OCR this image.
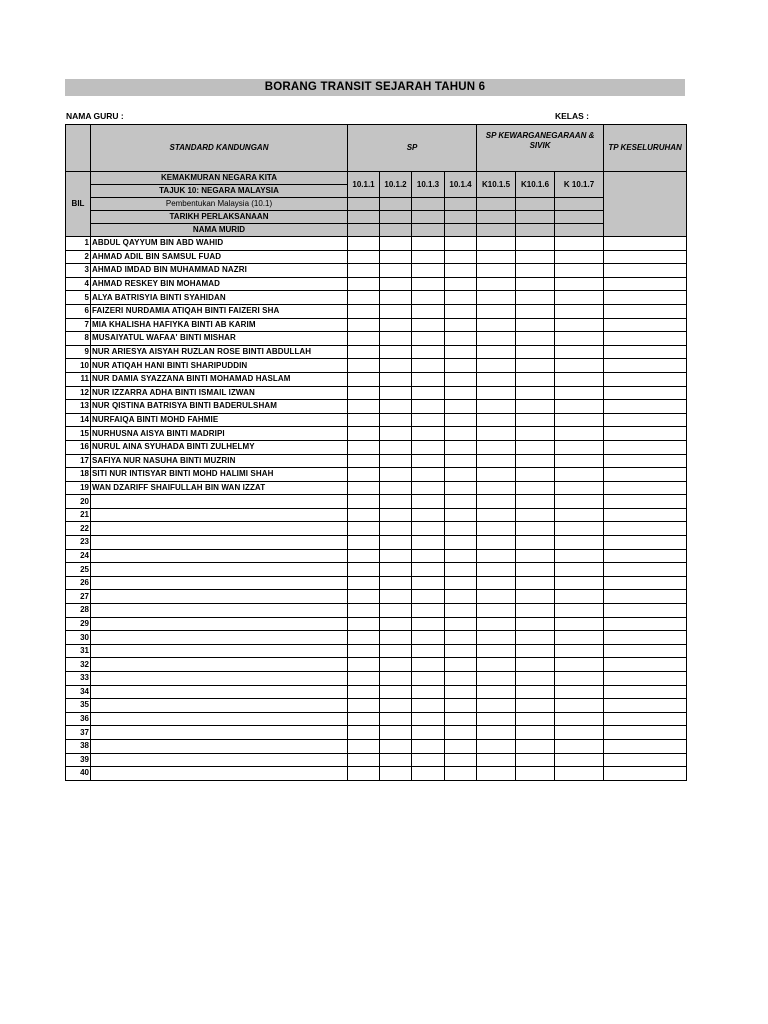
BORANG TRANSIT SEJARAH TAHUN 6
NAMA GURU :	KELAS :
	STANDARD KANDUNGAN	SP				SP KEWARGANEGARAAN & SIVIK			TP KESELURUHAN
BIL	KEMAKMURAN NEGARA KITA	10.1.1	10.1.2	10.1.3	10.1.4	K10.1.5	K10.1.6	K 10.1.7	
	TAJUK 10: NEGARA MALAYSIA								
	Pembentukan Malaysia (10.1)								
	TARIKH PERLAKSANAAN								
	NAMA MURID								
1	ABDUL QAYYUM BIN ABD WAHID								
2	AHMAD ADIL BIN SAMSUL FUAD								
3	AHMAD IMDAD BIN MUHAMMAD NAZRI								
4	AHMAD RESKEY BIN MOHAMAD								
5	ALYA BATRISYIA BINTI SYAHIDAN								
6	FAIZERI NURDAMIA ATIQAH BINTI FAIZERI SHA								
7	MIA KHALISHA HAFIYKA BINTI AB KARIM								
8	MUSAIYATUL WAFAA' BINTI MISHAR								
9	NUR ARIESYA AISYAH RUZLAN ROSE BINTI ABDULLAH								
10	NUR ATIQAH HANI BINTI SHARIPUDDIN								
11	NUR DAMIA SYAZZANA BINTI MOHAMAD HASLAM								
12	NUR IZZARRA ADHA BINTI ISMAIL IZWAN								
13	NUR QISTINA BATRISYA BINTI BADERULSHAM								
14	NURFAIQA BINTI MOHD FAHMIE								
15	NURHUSNA AISYA BINTI MADRIPI								
16	NURUL AINA SYUHADA BINTI ZULHELMY								
17	SAFIYA NUR NASUHA BINTI MUZRIN								
18	SITI NUR INTISYAR BINTI MOHD HALIMI SHAH								
19	WAN DZARIFF SHAIFULLAH BIN WAN IZZAT								
20									
21									
22									
23									
24									
25									
26									
27									
28									
29									
30									
31									
32									
33									
34									
35									
36									
37									
38									
39									
40									
